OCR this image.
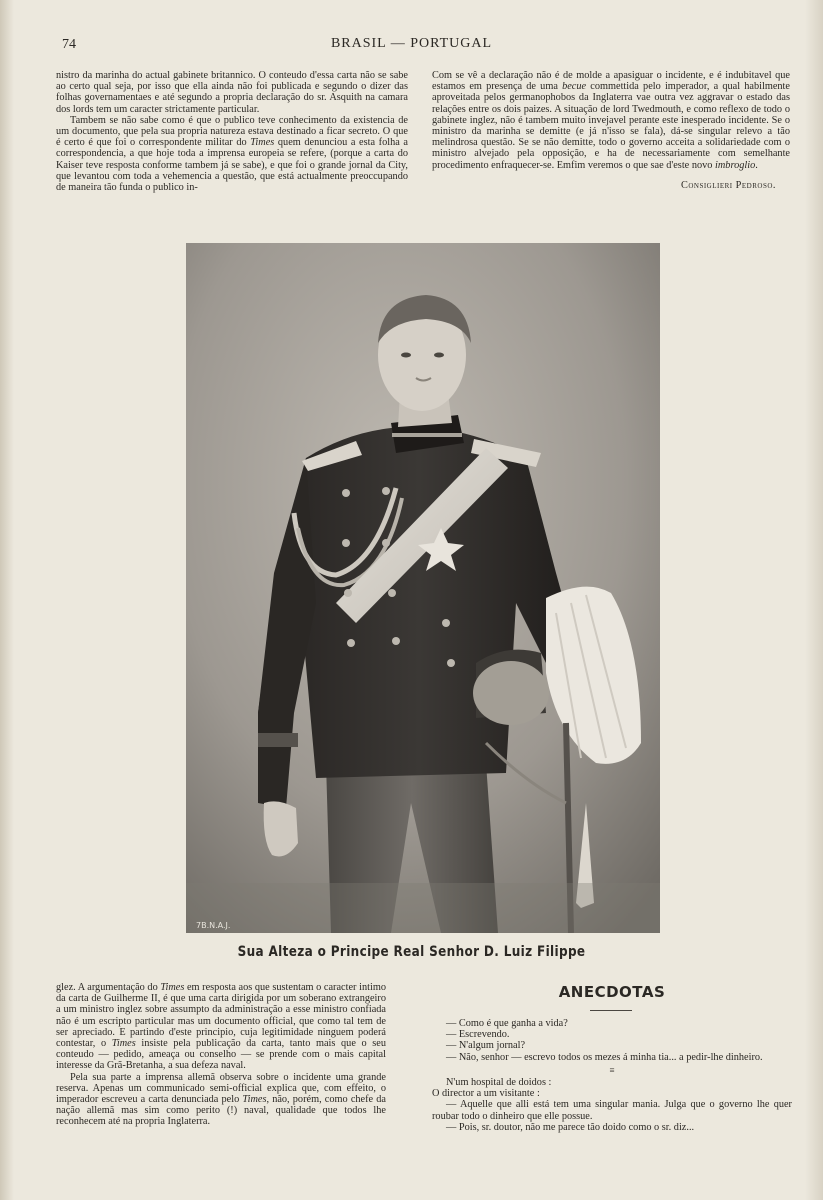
74	BRASIL — PORTUGAL

nistro da marinha do actual gabinete britannico. O conteudo d'essa carta não se sabe ao certo qual seja, por isso que ella ainda não foi publicada e segundo o dizer das folhas governamentaes e até segundo a propria declaração do sr. Asquith na camara dos lords tem um caracter strictamente particular.

Tambem se não sabe como é que o publico teve conhecimento da existencia de um documento, que pela sua propria natureza estava destinado a ficar secreto. O que é certo é que foi o correspondente militar do Times quem denunciou a esta folha a correspondencia, a que hoje toda a imprensa europeia se refere, (porque a carta do Kaiser teve resposta conforme tambem já se sabe), e que foi o grande jornal da City, que levantou com toda a vehemencia a questão, que está actualmente preoccupando de maneira tão funda o publico in-

Com se vê a declaração não é de molde a apasiguar o incidente, e é indubitavel que estamos em presença de uma becue commettida pelo imperador, a qual habilmente aproveitada pelos germanophobos da Inglaterra vae outra vez aggravar o estado das relações entre os dois paizes. A situação de lord Twedmouth, e como reflexo de todo o gabinete inglez, não é tambem muito invejavel perante este inesperado incidente. Se o ministro da marinha se demitte (e já n'isso se fala), dá-se singular relevo a tão melindrosa questão. Se se não demitte, todo o governo acceita a solidariedade com o ministro alvejado pela opposição, e ha de necessariamente com semelhante procedimento enfraquecer-se. Emfim veremos o que sae d'este novo imbroglio.

Consiglieri Pedroso.

7B.N.A.J.
Sua Alteza o Principe Real Senhor D. Luiz Filippe

glez. A argumentação do Times em resposta aos que sustentam o caracter intimo da carta de Guilherme II, é que uma carta dirigida por um soberano extrangeiro a um ministro inglez sobre assumpto da administração a esse ministro confiada não é um escripto particular mas um documento official, que como tal tem de ser apreciado. E partindo d'este principio, cuja legitimidade ninguem poderá contestar, o Times insiste pela publicação da carta, tanto mais que o seu conteudo — pedido, ameaça ou conselho — se prende com o mais capital interesse da Grã-Bretanha, a sua defeza naval.

Pela sua parte a imprensa allemã observa sobre o incidente uma grande reserva. Apenas um communicado semi-official explica que, com effeito, o imperador escreveu a carta denunciada pelo Times, não, porém, como chefe da nação allemã mas sim como perito (!) naval, qualidade que todos lhe reconhecem até na propria Inglaterra.

ANECDOTAS

— Como é que ganha a vida?

— Escrevendo.

— N'algum jornal?

— Não, senhor — escrevo todos os mezes á minha tia... a pedir-lhe dinheiro.

≡

N'um hospital de doidos :

O director a um visitante :

— Aquelle que alli está tem uma singular mania. Julga que o governo lhe quer roubar todo o dinheiro que elle possue.

— Pois, sr. doutor, não me parece tão doido como o sr. diz...
